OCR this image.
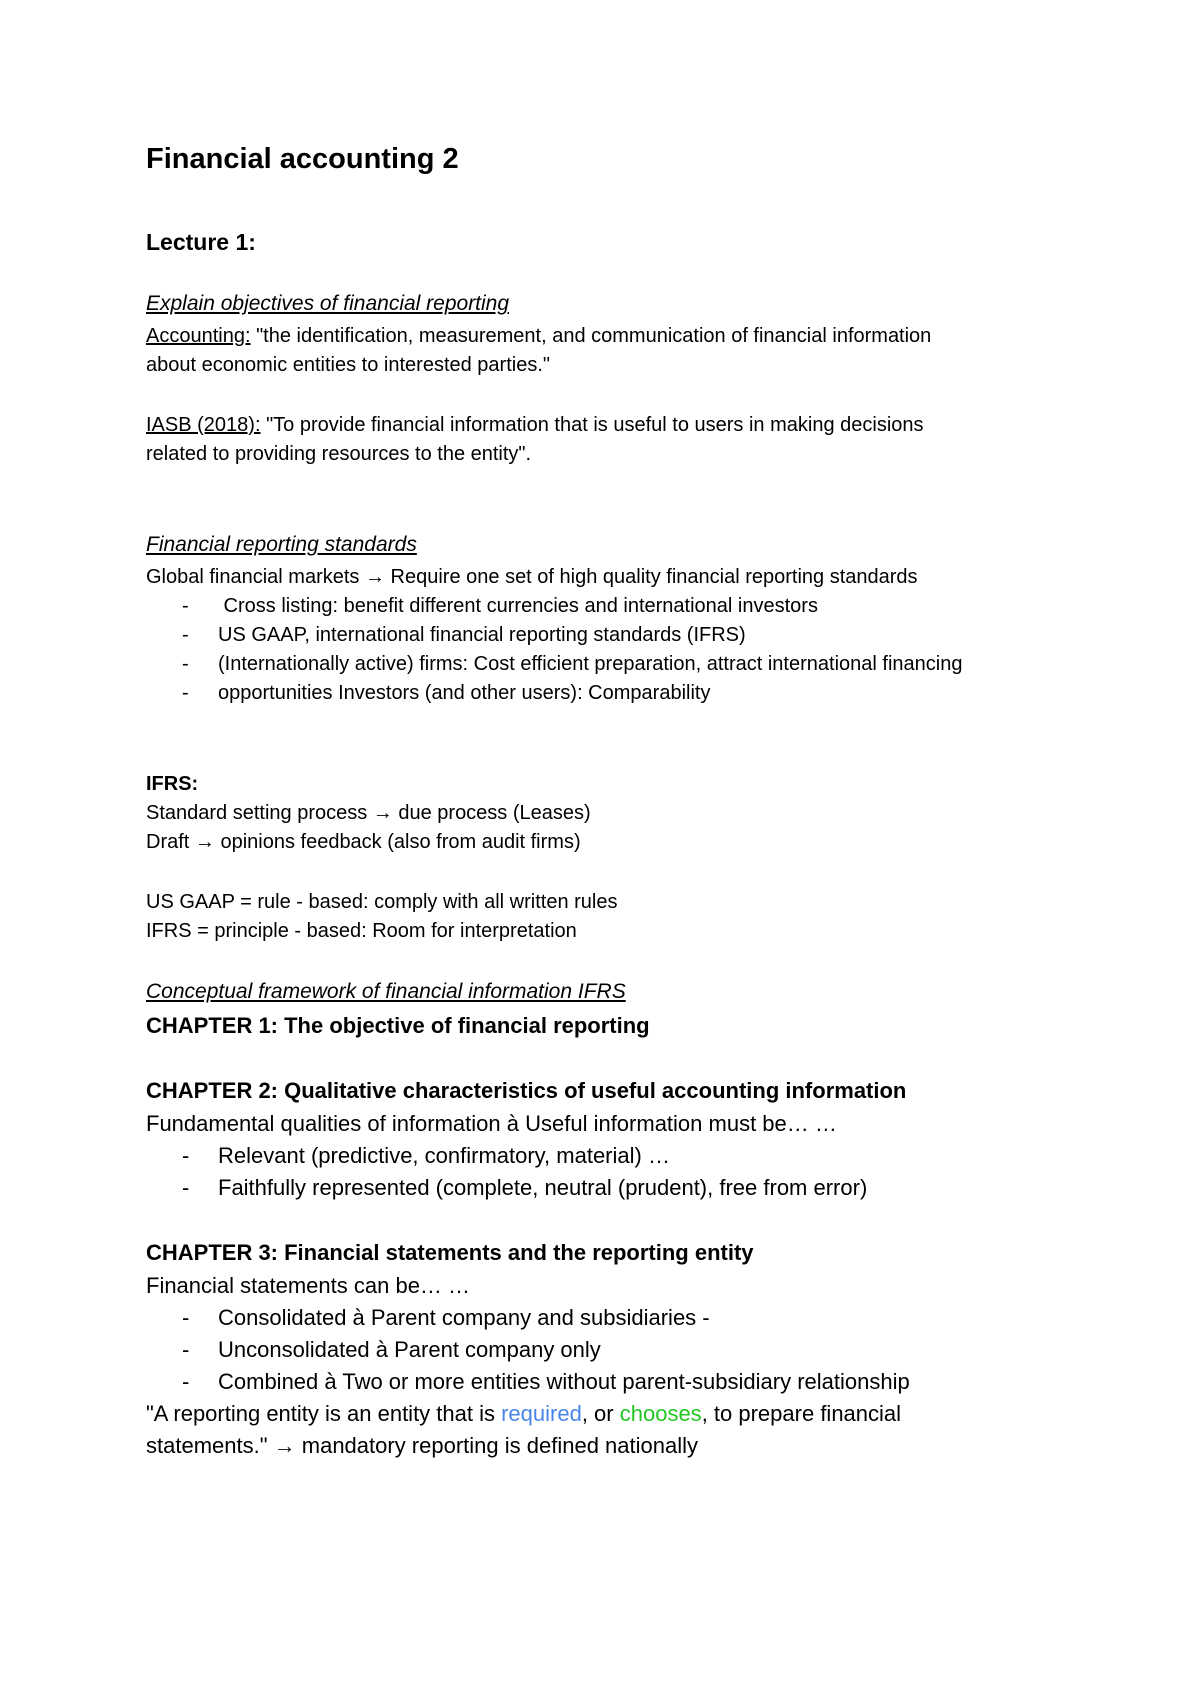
Financial accounting 2
Lecture 1:
Explain objectives of financial reporting
Accounting: "the identification, measurement, and communication of financial information
about economic entities to interested parties."
IASB (2018): "To provide financial information that is useful to users in making decisions
related to providing resources to the entity".
Financial reporting standards
Global financial markets → Require one set of high quality financial reporting standards
- Cross listing: benefit different currencies and international investors
- US GAAP, international financial reporting standards (IFRS)
- (Internationally active) firms: Cost efficient preparation, attract international financing
- opportunities Investors (and other users): Comparability
IFRS:
Standard setting process → due process (Leases)
Draft → opinions feedback (also from audit firms)
US GAAP = rule - based: comply with all written rules
IFRS = principle - based: Room for interpretation
Conceptual framework of financial information IFRS
CHAPTER 1: The objective of financial reporting
CHAPTER 2: Qualitative characteristics of useful accounting information
Fundamental qualities of information à Useful information must be… …
- Relevant (predictive, confirmatory, material) …
- Faithfully represented (complete, neutral (prudent), free from error)
CHAPTER 3: Financial statements and the reporting entity
Financial statements can be… …
- Consolidated à Parent company and subsidiaries -
- Unconsolidated à Parent company only
- Combined à Two or more entities without parent-subsidiary relationship
"A reporting entity is an entity that is required, or chooses, to prepare financial
statements." → mandatory reporting is defined nationally
